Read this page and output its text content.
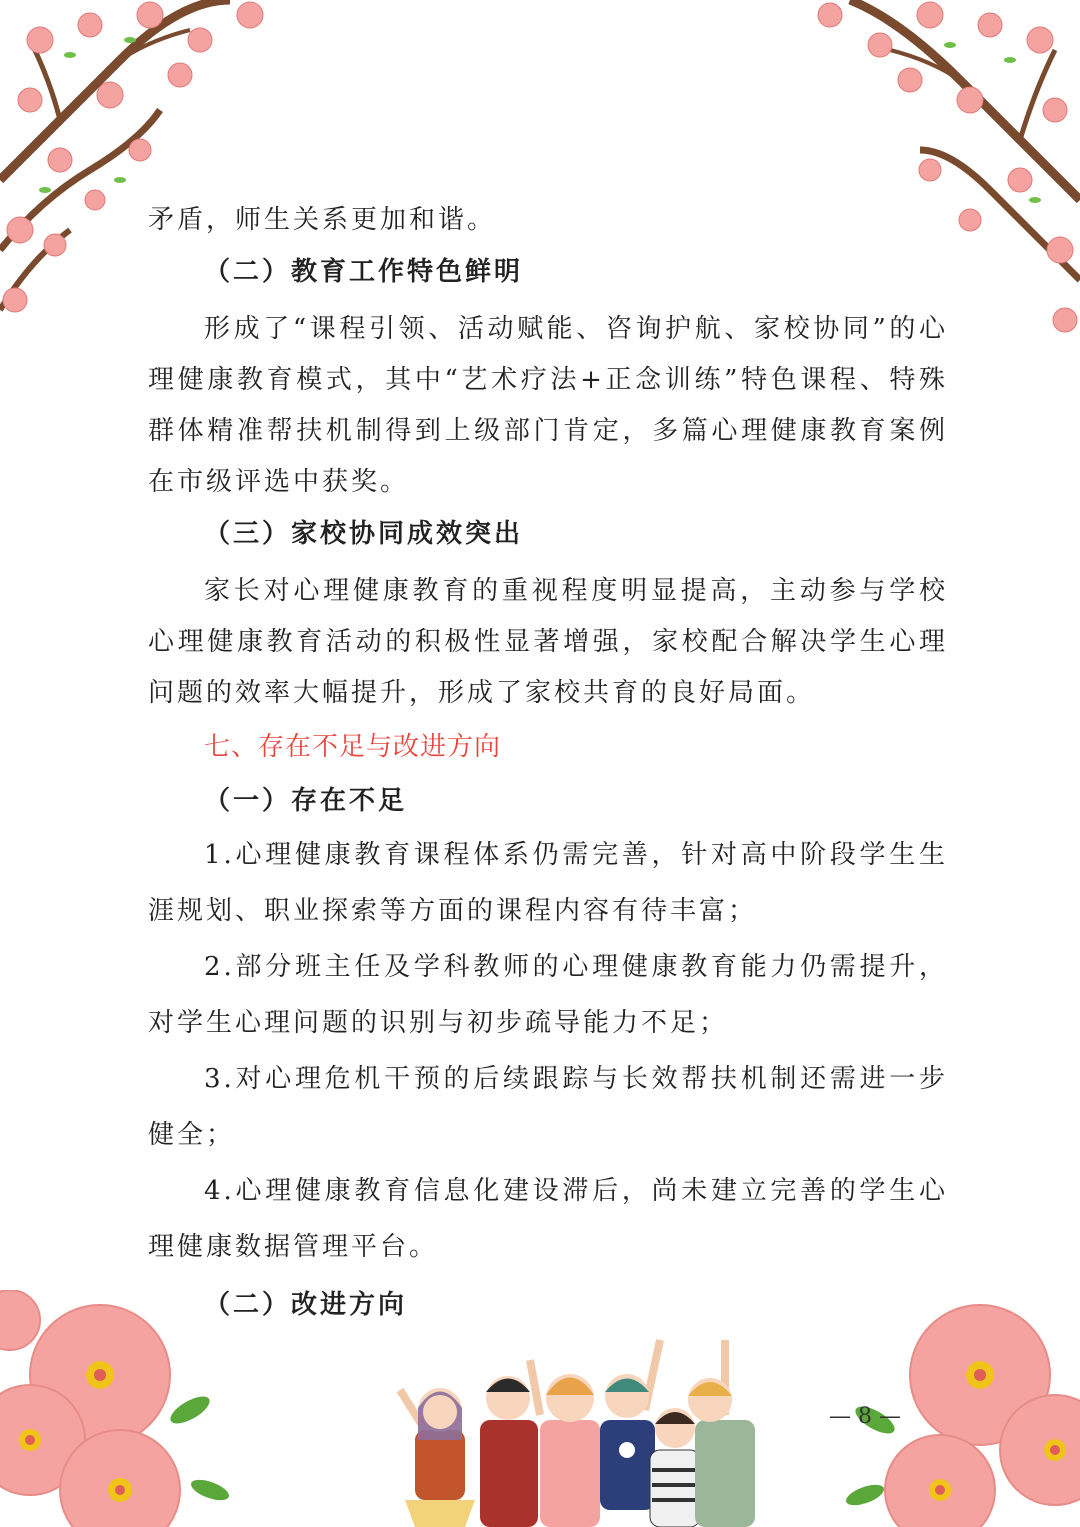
矛盾，师生关系更加和谐。

（二）教育工作特色鲜明

形成了“课程引领、活动赋能、咨询护航、家校协同”的心理健康教育模式，其中“艺术疗法+正念训练”特色课程、特殊群体精准帮扶机制得到上级部门肯定，多篇心理健康教育案例在市级评选中获奖。

（三）家校协同成效突出

家长对心理健康教育的重视程度明显提高，主动参与学校心理健康教育活动的积极性显著增强，家校配合解决学生心理问题的效率大幅提升，形成了家校共育的良好局面。

七、存在不足与改进方向

（一）存在不足

1.心理健康教育课程体系仍需完善，针对高中阶段学生生涯规划、职业探索等方面的课程内容有待丰富；

2.部分班主任及学科教师的心理健康教育能力仍需提升，对学生心理问题的识别与初步疏导能力不足；

3.对心理危机干预的后续跟踪与长效帮扶机制还需进一步健全；

4.心理健康教育信息化建设滞后，尚未建立完善的学生心理健康数据管理平台。

（二）改进方向

— 8 —
